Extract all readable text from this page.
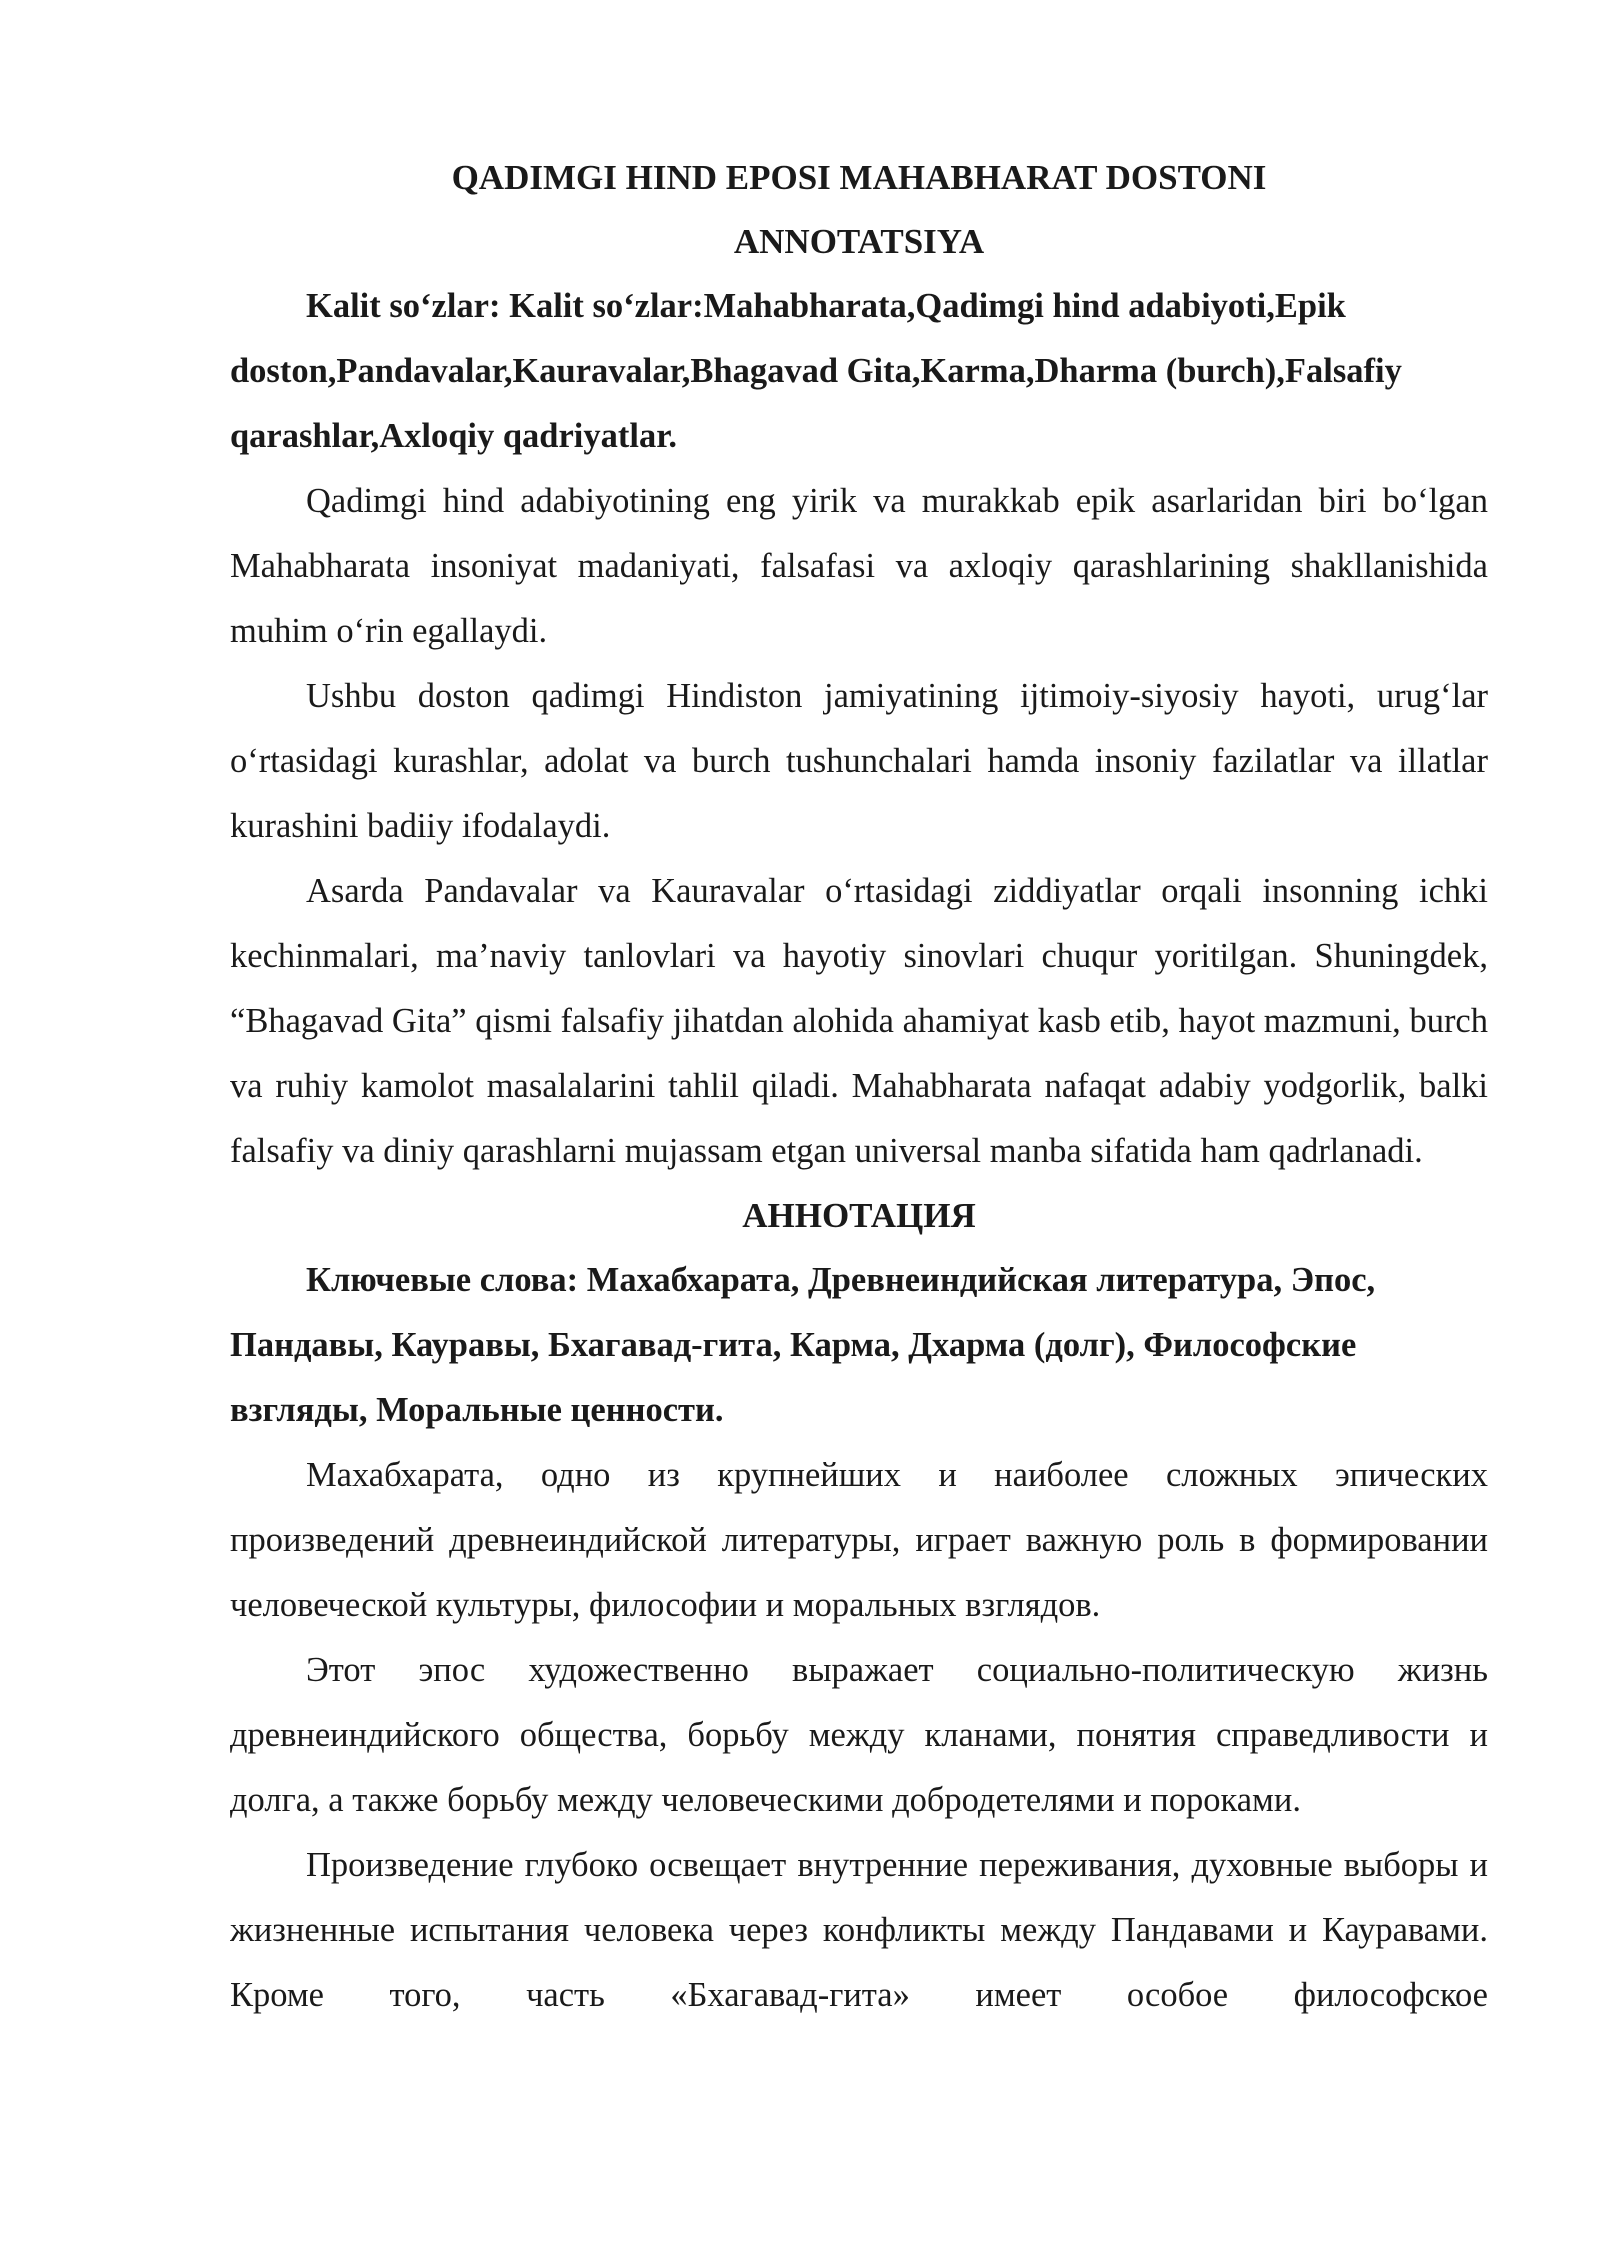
QADIMGI HIND EPOSI MAHABHARAT DOSTONI
ANNOTATSIYA

Kalit so‘zlar: Kalit so‘zlar:Mahabharata,Qadimgi hind adabiyoti,Epik doston,Pandavalar,Kauravalar,Bhagavad Gita,Karma,Dharma (burch),Falsafiy qarashlar,Axloqiy qadriyatlar.

Qadimgi hind adabiyotining eng yirik va murakkab epik asarlaridan biri bo‘lgan Mahabharata insoniyat madaniyati, falsafasi va axloqiy qarashlarining shakllanishida muhim o‘rin egallaydi.

Ushbu doston qadimgi Hindiston jamiyatining ijtimoiy-siyosiy hayoti, urug‘lar o‘rtasidagi kurashlar, adolat va burch tushunchalari hamda insoniy fazilatlar va illatlar kurashini badiiy ifodalaydi.

Asarda Pandavalar va Kauravalar o‘rtasidagi ziddiyatlar orqali insonning ichki kechinmalari, ma’naviy tanlovlari va hayotiy sinovlari chuqur yoritilgan. Shuningdek, “Bhagavad Gita” qismi falsafiy jihatdan alohida ahamiyat kasb etib, hayot mazmuni, burch va ruhiy kamolot masalalarini tahlil qiladi. Mahabharata nafaqat adabiy yodgorlik, balki falsafiy va diniy qarashlarni mujassam etgan universal manba sifatida ham qadrlanadi.

АННОТАЦИЯ

Ключевые слова: Махабхарата, Древнеиндийская литература, Эпос, Пандавы, Кауравы, Бхагавад-гита, Карма, Дхарма (долг), Философские взгляды, Моральные ценности.

Махабхарата, одно из крупнейших и наиболее сложных эпических произведений древнеиндийской литературы, играет важную роль в формировании человеческой культуры, философии и моральных взглядов.

Этот эпос художественно выражает социально-политическую жизнь древнеиндийского общества, борьбу между кланами, понятия справедливости и долга, а также борьбу между человеческими добродетелями и пороками.

Произведение глубоко освещает внутренние переживания, духовные выборы и жизненные испытания человека через конфликты между Пандавами и Кауравами. Кроме того, часть «Бхагавад-гита» имеет особое философское
